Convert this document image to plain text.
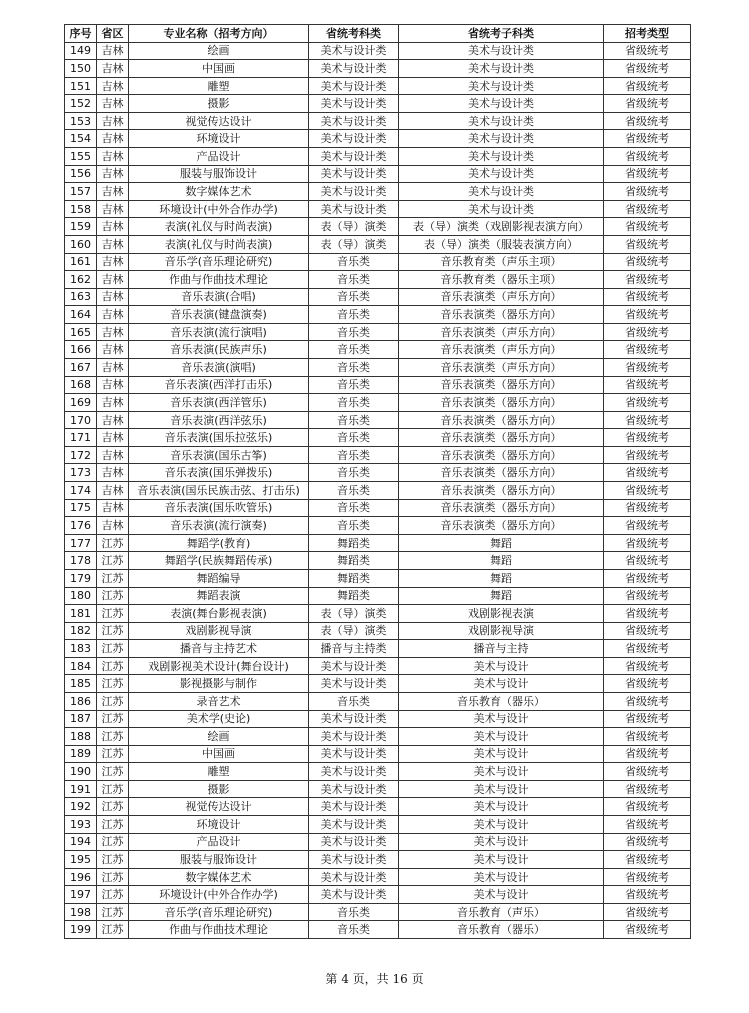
序号	省区	专业名称（招考方向）	省统考科类	省统考子科类	招考类型
149	吉林	绘画	美术与设计类	美术与设计类	省级统考
150	吉林	中国画	美术与设计类	美术与设计类	省级统考
151	吉林	雕塑	美术与设计类	美术与设计类	省级统考
152	吉林	摄影	美术与设计类	美术与设计类	省级统考
153	吉林	视觉传达设计	美术与设计类	美术与设计类	省级统考
154	吉林	环境设计	美术与设计类	美术与设计类	省级统考
155	吉林	产品设计	美术与设计类	美术与设计类	省级统考
156	吉林	服装与服饰设计	美术与设计类	美术与设计类	省级统考
157	吉林	数字媒体艺术	美术与设计类	美术与设计类	省级统考
158	吉林	环境设计(中外合作办学)	美术与设计类	美术与设计类	省级统考
159	吉林	表演(礼仪与时尚表演)	表（导）演类	表（导）演类（戏剧影视表演方向）	省级统考
160	吉林	表演(礼仪与时尚表演)	表（导）演类	表（导）演类（服装表演方向）	省级统考
161	吉林	音乐学(音乐理论研究)	音乐类	音乐教育类（声乐主项）	省级统考
162	吉林	作曲与作曲技术理论	音乐类	音乐教育类（器乐主项）	省级统考
163	吉林	音乐表演(合唱)	音乐类	音乐表演类（声乐方向）	省级统考
164	吉林	音乐表演(键盘演奏)	音乐类	音乐表演类（器乐方向）	省级统考
165	吉林	音乐表演(流行演唱)	音乐类	音乐表演类（声乐方向）	省级统考
166	吉林	音乐表演(民族声乐)	音乐类	音乐表演类（声乐方向）	省级统考
167	吉林	音乐表演(演唱)	音乐类	音乐表演类（声乐方向）	省级统考
168	吉林	音乐表演(西洋打击乐)	音乐类	音乐表演类（器乐方向）	省级统考
169	吉林	音乐表演(西洋管乐)	音乐类	音乐表演类（器乐方向）	省级统考
170	吉林	音乐表演(西洋弦乐)	音乐类	音乐表演类（器乐方向）	省级统考
171	吉林	音乐表演(国乐拉弦乐)	音乐类	音乐表演类（器乐方向）	省级统考
172	吉林	音乐表演(国乐古筝)	音乐类	音乐表演类（器乐方向）	省级统考
173	吉林	音乐表演(国乐弹拨乐)	音乐类	音乐表演类（器乐方向）	省级统考
174	吉林	音乐表演(国乐民族击弦、打击乐)	音乐类	音乐表演类（器乐方向）	省级统考
175	吉林	音乐表演(国乐吹管乐)	音乐类	音乐表演类（器乐方向）	省级统考
176	吉林	音乐表演(流行演奏)	音乐类	音乐表演类（器乐方向）	省级统考
177	江苏	舞蹈学(教育)	舞蹈类	舞蹈	省级统考
178	江苏	舞蹈学(民族舞蹈传承)	舞蹈类	舞蹈	省级统考
179	江苏	舞蹈编导	舞蹈类	舞蹈	省级统考
180	江苏	舞蹈表演	舞蹈类	舞蹈	省级统考
181	江苏	表演(舞台影视表演)	表（导）演类	戏剧影视表演	省级统考
182	江苏	戏剧影视导演	表（导）演类	戏剧影视导演	省级统考
183	江苏	播音与主持艺术	播音与主持类	播音与主持	省级统考
184	江苏	戏剧影视美术设计(舞台设计)	美术与设计类	美术与设计	省级统考
185	江苏	影视摄影与制作	美术与设计类	美术与设计	省级统考
186	江苏	录音艺术	音乐类	音乐教育（器乐）	省级统考
187	江苏	美术学(史论)	美术与设计类	美术与设计	省级统考
188	江苏	绘画	美术与设计类	美术与设计	省级统考
189	江苏	中国画	美术与设计类	美术与设计	省级统考
190	江苏	雕塑	美术与设计类	美术与设计	省级统考
191	江苏	摄影	美术与设计类	美术与设计	省级统考
192	江苏	视觉传达设计	美术与设计类	美术与设计	省级统考
193	江苏	环境设计	美术与设计类	美术与设计	省级统考
194	江苏	产品设计	美术与设计类	美术与设计	省级统考
195	江苏	服装与服饰设计	美术与设计类	美术与设计	省级统考
196	江苏	数字媒体艺术	美术与设计类	美术与设计	省级统考
197	江苏	环境设计(中外合作办学)	美术与设计类	美术与设计	省级统考
198	江苏	音乐学(音乐理论研究)	音乐类	音乐教育（声乐）	省级统考
199	江苏	作曲与作曲技术理论	音乐类	音乐教育（器乐）	省级统考
第 4 页，共 16 页
